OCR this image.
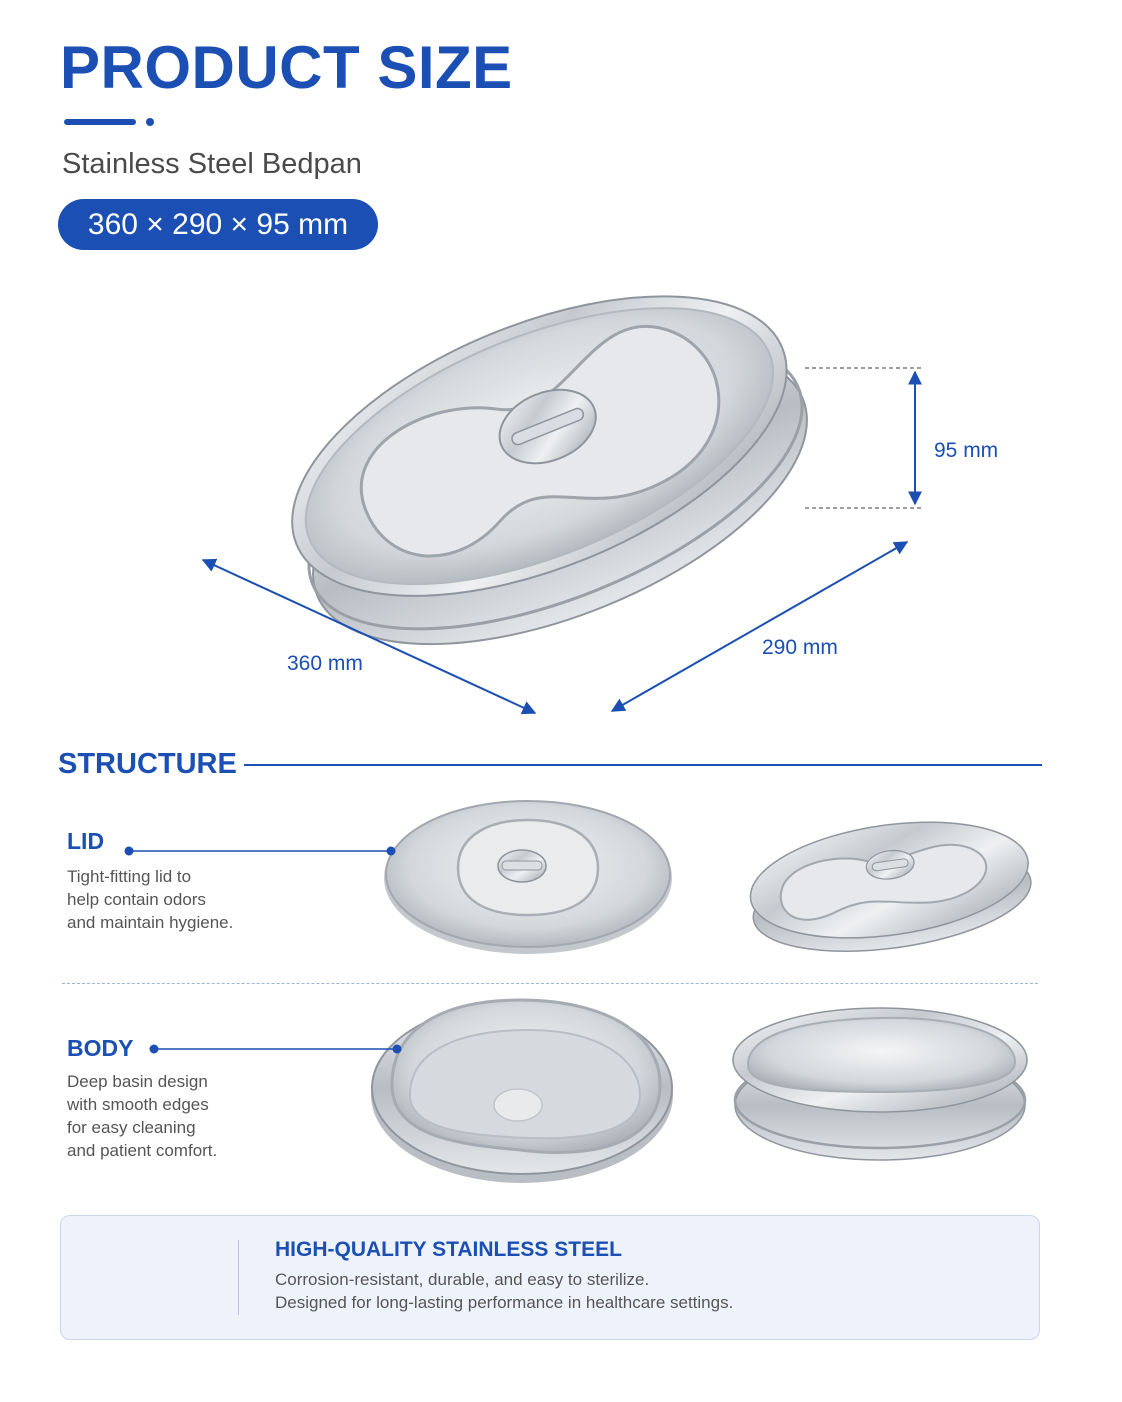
PRODUCT SIZE
Stainless Steel Bedpan
360 × 290 × 95 mm
95 mm
360 mm
290 mm
STRUCTURE
LID
Tight-fitting lid to
help contain odors
and maintain hygiene.
BODY
Deep basin design
with smooth edges
for easy cleaning
and patient comfort.
HIGH-QUALITY STAINLESS STEEL
Corrosion-resistant, durable, and easy to sterilize.
Designed for long-lasting performance in healthcare settings.
